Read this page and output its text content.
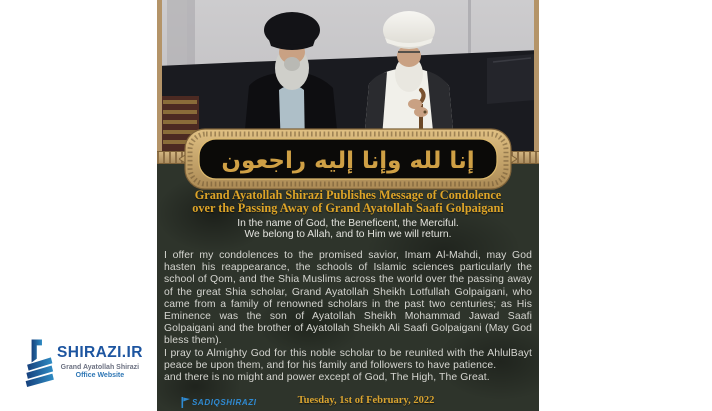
إنا لله وإنا إليه راجعون
Grand Ayatollah Shirazi Publishes Message of Condolence
over the Passing Away of Grand Ayatollah Saafi Golpaigani
In the name of God, the Beneficent, the Merciful.
We belong to Allah, and to Him we will return.
I offer my condolences to the promised savior, Imam Al-Mahdi, may God hasten his reappearance, the schools of Islamic sciences particularly the school of Qom, and the Shia Muslims across the world over the passing away of the great Shia scholar, Grand Ayatollah Sheikh Lotfullah Golpaigani, who came from a family of renowned scholars in the past two centuries; as His Eminence was the son of Ayatollah Sheikh Mohammad Jawad Saafi Golpaigani and the brother of Ayatollah Sheikh Ali Saafi Golpaigani (May God bless them).
I pray to Almighty God for this noble scholar to be reunited with the AhlulBayt peace be upon them, and for his family and followers to have patience.
and there is no might and power except of God, The High, The Great.
SADIQSHIRAZI	Tuesday, 1st of February, 2022
SHIRAZI.IR
Grand Ayatollah Shirazi
Office Website
